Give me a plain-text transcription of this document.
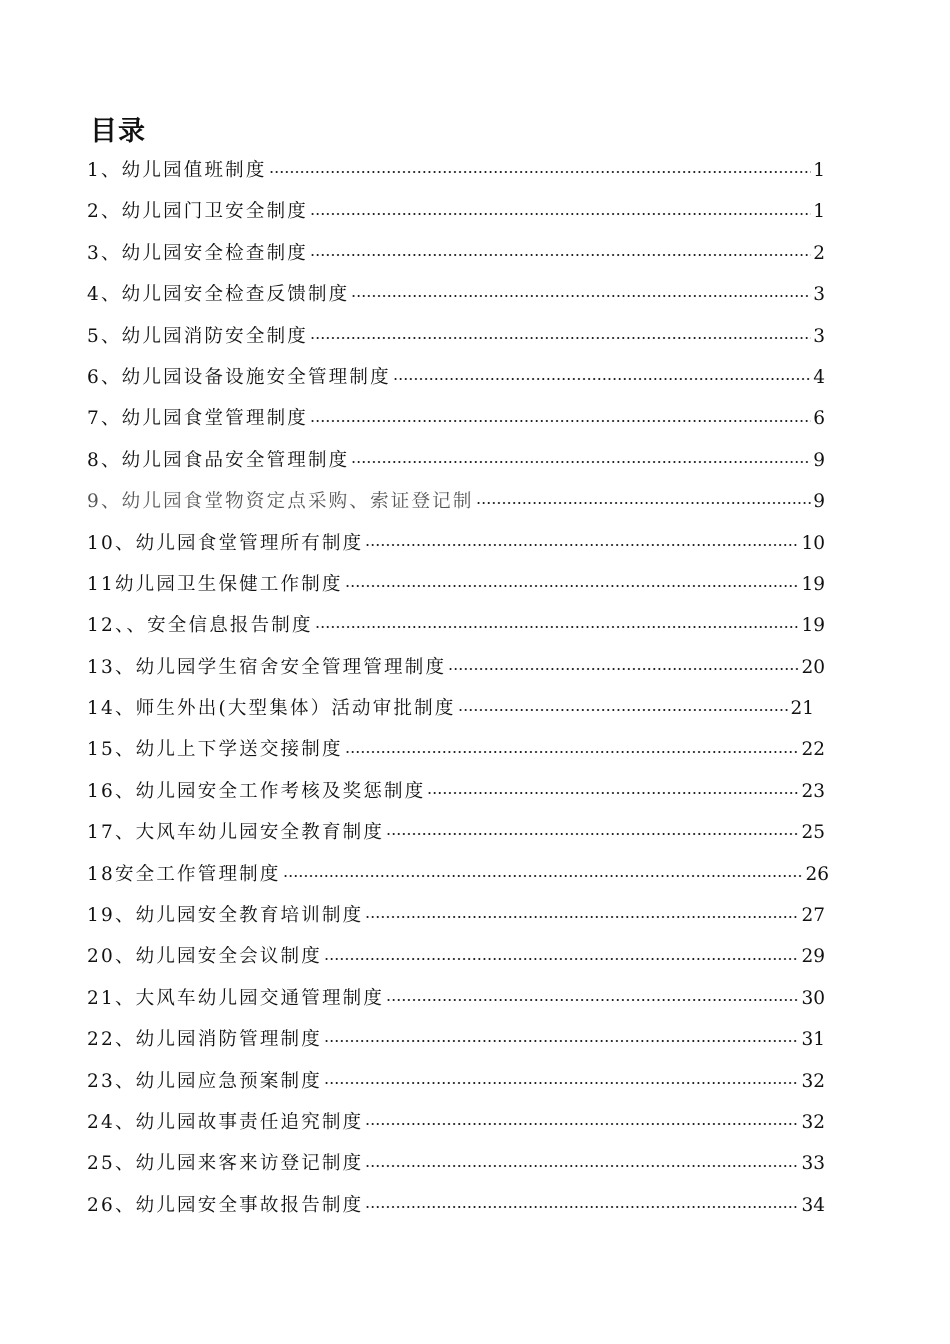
目录
1、幼儿园值班制度	1
2、幼儿园门卫安全制度	1
3、幼儿园安全检查制度	2
4、幼儿园安全检查反馈制度	3
5、幼儿园消防安全制度	3
6、幼儿园设备设施安全管理制度	4
7、幼儿园食堂管理制度	6
8、幼儿园食品安全管理制度	9
9、幼儿园食堂物资定点采购、索证登记制	9
10、幼儿园食堂管理所有制度	10
11幼儿园卫生保健工作制度	19
12、、安全信息报告制度	19
13、幼儿园学生宿舍安全管理管理制度	20
14、师生外出(大型集体）活动审批制度	21
15、幼儿上下学送交接制度	22
16、幼儿园安全工作考核及奖惩制度	23
17、大风车幼儿园安全教育制度	25
18安全工作管理制度	26
19、幼儿园安全教育培训制度	27
20、幼儿园安全会议制度	29
21、大风车幼儿园交通管理制度	30
22、幼儿园消防管理制度	31
23、幼儿园应急预案制度	32
24、幼儿园故事责任追究制度	32
25、幼儿园来客来访登记制度	33
26、幼儿园安全事故报告制度	34
